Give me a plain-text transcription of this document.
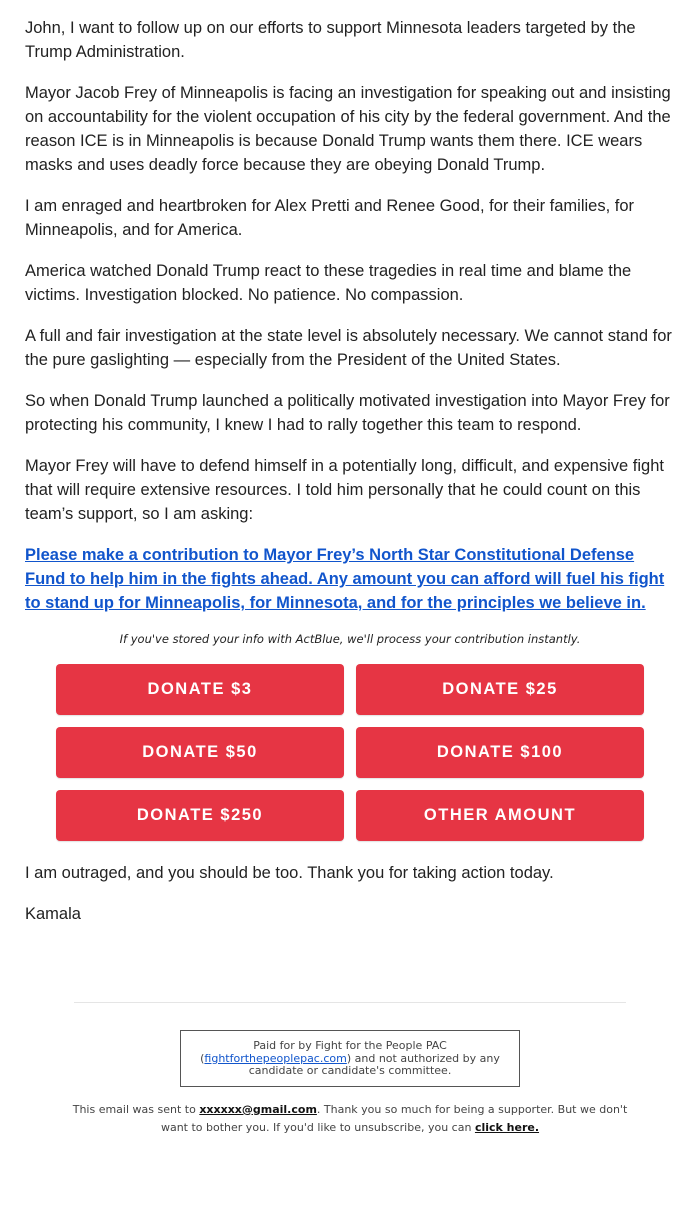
John, I want to follow up on our efforts to support Minnesota leaders targeted by the Trump Administration.

Mayor Jacob Frey of Minneapolis is facing an investigation for speaking out and insisting on accountability for the violent occupation of his city by the federal government. And the reason ICE is in Minneapolis is because Donald Trump wants them there. ICE wears masks and uses deadly force because they are obeying Donald Trump.

I am enraged and heartbroken for Alex Pretti and Renee Good, for their families, for Minneapolis, and for America.

America watched Donald Trump react to these tragedies in real time and blame the victims. Investigation blocked. No patience. No compassion.

A full and fair investigation at the state level is absolutely necessary. We cannot stand for the pure gaslighting — especially from the President of the United States.

So when Donald Trump launched a politically motivated investigation into Mayor Frey for protecting his community, I knew I had to rally together this team to respond.

Mayor Frey will have to defend himself in a potentially long, difficult, and expensive fight that will require extensive resources. I told him personally that he could count on this team’s support, so I am asking:

Please make a contribution to Mayor Frey’s North Star Constitutional Defense Fund to help him in the fights ahead. Any amount you can afford will fuel his fight to stand up for Minneapolis, for Minnesota, and for the principles we believe in.

If you've stored your info with ActBlue, we'll process your contribution instantly.

DONATE $3	DONATE $25
DONATE $50	DONATE $100
DONATE $250	OTHER AMOUNT

I am outraged, and you should be too. Thank you for taking action today.

Kamala

Paid for by Fight for the People PAC
(fightforthepeoplepac.com) and not authorized by any
candidate or candidate's committee.
This email was sent to xxxxxx@gmail.com. Thank you so much for being a supporter. But we don't want to bother you. If you'd like to unsubscribe, you can click here.
